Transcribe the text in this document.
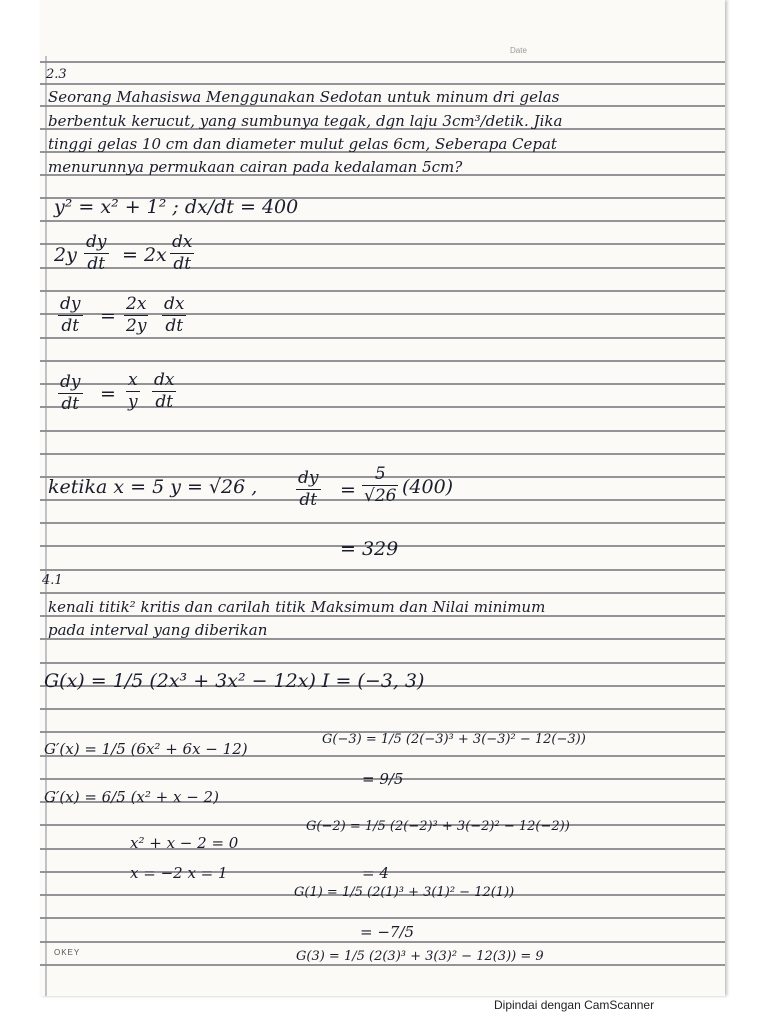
Date
2.3
Seorang Mahasiswa Menggunakan Sedotan untuk minum dri gelas
berbentuk kerucut, yang sumbunya tegak, dgn laju 3cm³/detik. Jika
tinggi gelas 10 cm dan diameter mulut gelas 6cm, Seberapa Cepat
menurunnya permukaan cairan pada kedalaman 5cm?
y² = x² + 1² ; dx/dt = 400
$2y \frac{dy}{dt} = 2x \frac{dx}{dt}$
$\frac{dy}{dt} = \frac{2x}{2y} \frac{dx}{dt}$
$\frac{dy}{dt} = \frac{x}{y} \frac{dx}{dt}$
ketika x = 5 y = √26 , $\frac{dy}{dt} = \frac{5}{√26} (400)$
= 329
4.1
kenali titik² kritis dan carilah titik Maksimum dan Nilai minimum
pada interval yang diberikan
G(x) = 1/5 (2x³ + 3x² − 12x) I = (−3, 3)
G′(x) = 1/5 (6x² + 6x − 12)
G′(x) = 6/5 (x² + x − 2)
x² + x − 2 = 0
x = −2 x = 1
G(−3) = 1/5 (2(−3)³ + 3(−3)² − 12(−3))
= 9/5
G(−2) = 1/5 (2(−2)³ + 3(−2)² − 12(−2))
= 4
G(1) = 1/5 (2(1)³ + 3(1)² − 12(1))
= −7/5
G(3) = 1/5 (2(3)³ + 3(3)² − 12(3)) = 9
OKEY
Dipindai dengan CamScanner
